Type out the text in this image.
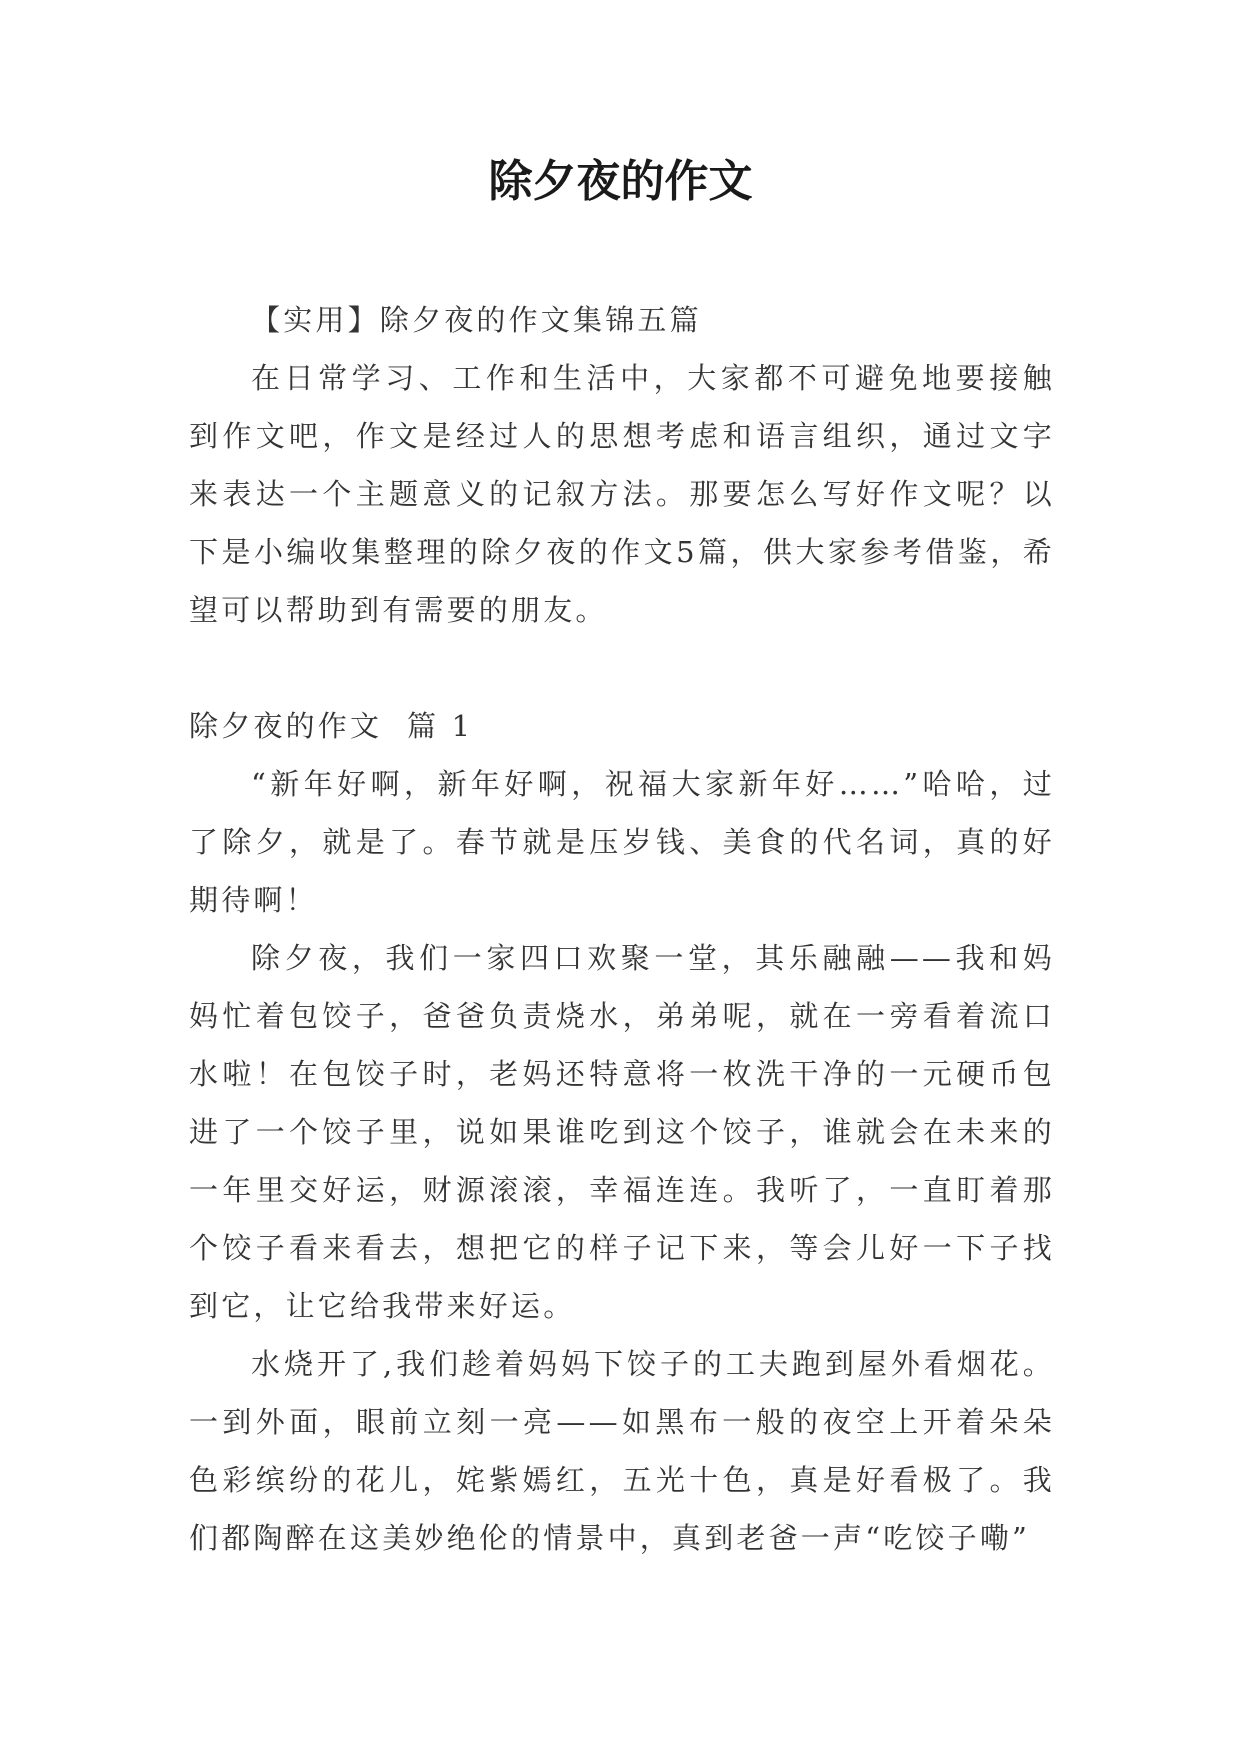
除夕夜的作文

【实用】除夕夜的作文集锦五篇

在日常学习、工作和生活中，大家都不可避免地要接触到作文吧，作文是经过人的思想考虑和语言组织，通过文字来表达一个主题意义的记叙方法。那要怎么写好作文呢？以下是小编收集整理的除夕夜的作文5篇，供大家参考借鉴，希望可以帮助到有需要的朋友。

除夕夜的作文  篇 1

“新年好啊，新年好啊，祝福大家新年好……”哈哈，过了除夕，就是了。春节就是压岁钱、美食的代名词，真的好期待啊！

除夕夜，我们一家四口欢聚一堂，其乐融融——我和妈妈忙着包饺子，爸爸负责烧水，弟弟呢，就在一旁看着流口水啦！在包饺子时，老妈还特意将一枚洗干净的一元硬币包进了一个饺子里，说如果谁吃到这个饺子，谁就会在未来的一年里交好运，财源滚滚，幸福连连。我听了，一直盯着那个饺子看来看去，想把它的样子记下来，等会儿好一下子找到它，让它给我带来好运。

水烧开了,我们趁着妈妈下饺子的工夫跑到屋外看烟花。一到外面，眼前立刻一亮——如黑布一般的夜空上开着朵朵色彩缤纷的花儿，姹紫嫣红，五光十色，真是好看极了。我们都陶醉在这美妙绝伦的情景中，真到老爸一声“吃饺子嘞”
